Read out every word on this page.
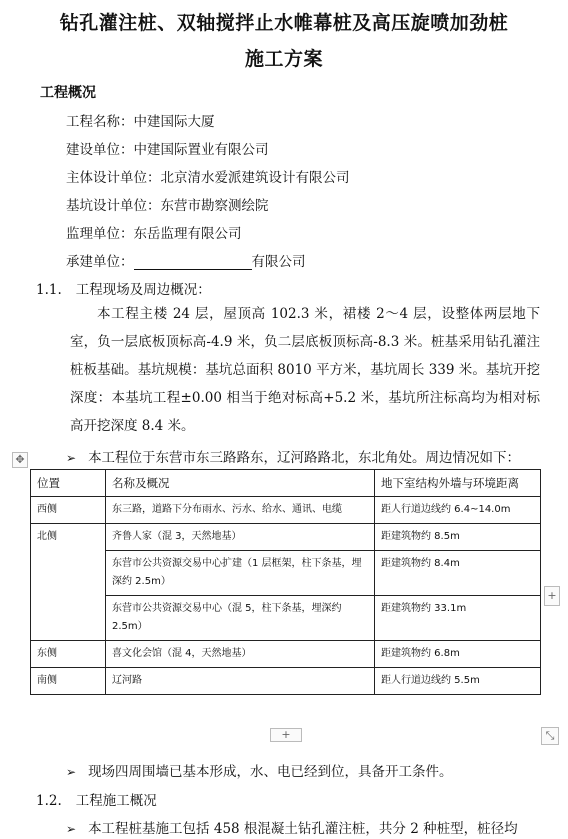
钻孔灌注桩、双轴搅拌止水帷幕桩及高压旋喷加劲桩
施工方案
工程概况
工程名称：中建国际大厦
建设单位：中建国际置业有限公司
主体设计单位：北京清水爱派建筑设计有限公司
基坑设计单位：东营市勘察测绘院
监理单位：东岳监理有限公司
承建单位：	有限公司
1.1. 工程现场及周边概况：
本工程主楼 24 层，屋顶高 102.3 米，裙楼 2～4 层，设整体两层地下室，负一层底板顶标高-4.9 米，负二层底板顶标高-8.3 米。桩基采用钻孔灌注桩板基础。基坑规模：基坑总面积 8010 平方米，基坑周长 339 米。基坑开挖深度：本基坑工程±0.00 相当于绝对标高+5.2 米，基坑所注标高均为相对标高开挖深度 8.4 米。
➢ 本工程位于东营市东三路路东，辽河路路北，东北角处。周边情况如下：
✥
位置	名称及概况	地下室结构外墙与环境距离
西侧	东三路，道路下分布雨水、污水、给水、通讯、电缆	距人行道边线约 6.4~14.0m
北侧	齐鲁人家（混 3，天然地基）	距建筑物约 8.5m
	东营市公共资源交易中心扩建（1 层框架，柱下条基，埋深约 2.5m）	距建筑物约 8.4m
	东营市公共资源交易中心（混 5，柱下条基，埋深约 2.5m）	距建筑物约 33.1m
东侧	喜文化会馆（混 4，天然地基）	距建筑物约 6.8m
南侧	辽河路	距人行道边线约 5.5m
+
+	⤡
➢ 现场四周围墙已基本形成，水、电已经到位，具备开工条件。
1.2. 工程施工概况
➢ 本工程桩基施工包括 458 根混凝土钻孔灌注桩，共分 2 种桩型，桩径均
